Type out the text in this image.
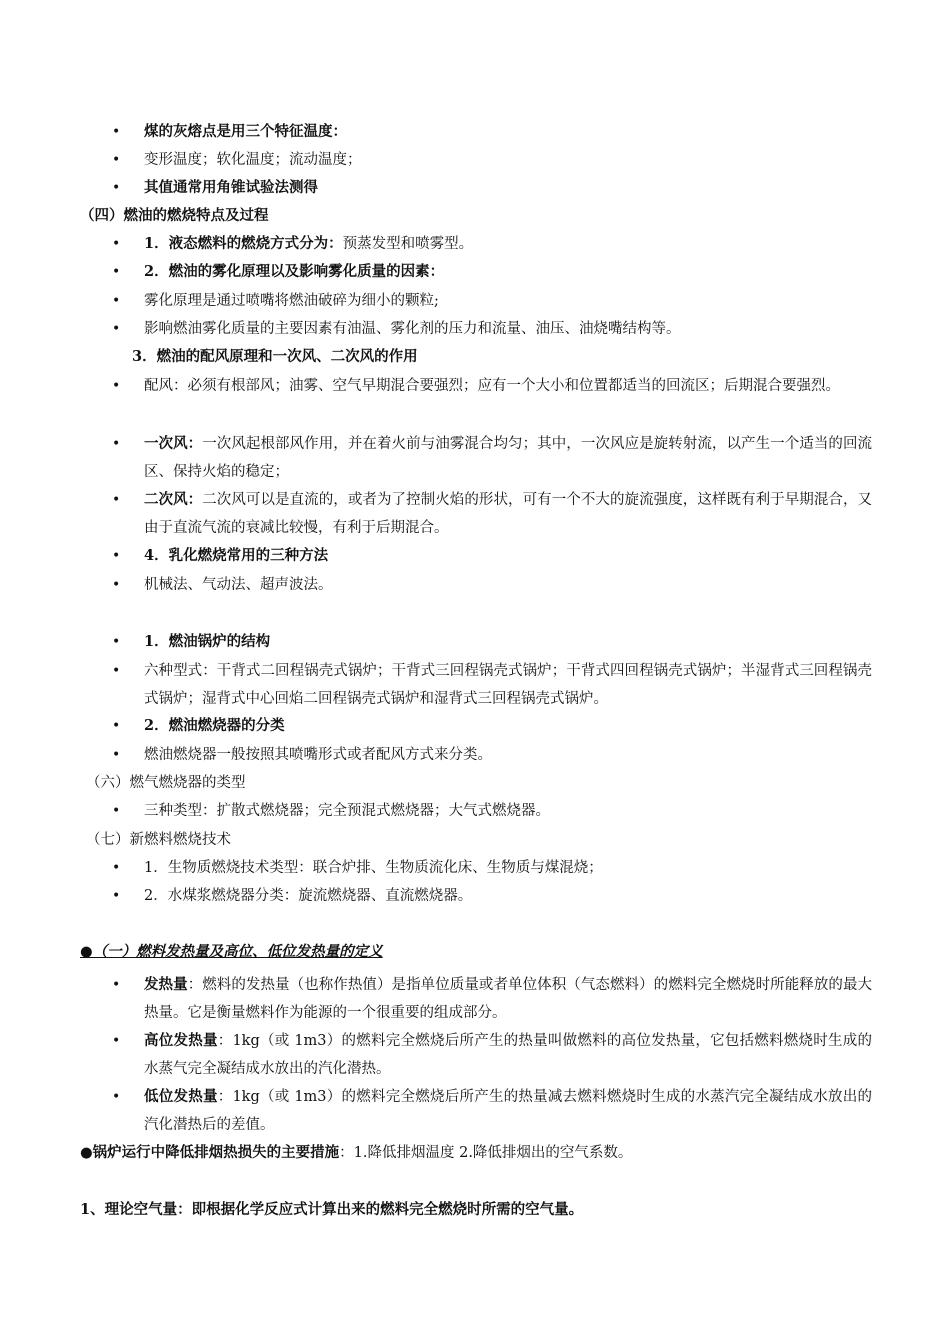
• 煤的灰熔点是用三个特征温度：
• 变形温度；软化温度；流动温度；
• 其值通常用角锥试验法测得
（四）燃油的燃烧特点及过程
• 1．液态燃料的燃烧方式分为：预蒸发型和喷雾型。
• 2．燃油的雾化原理以及影响雾化质量的因素：
• 雾化原理是通过喷嘴将燃油破碎为细小的颗粒;
• 影响燃油雾化质量的主要因素有油温、雾化剂的压力和流量、油压、油烧嘴结构等。
3．燃油的配风原理和一次风、二次风的作用
• 配风：必须有根部风；油雾、空气早期混合要强烈；应有一个大小和位置都适当的回流区；后期混合要强烈。
• 一次风：一次风起根部风作用，并在着火前与油雾混合均匀；其中，一次风应是旋转射流，以产生一个适当的回流区、保持火焰的稳定；
• 二次风：二次风可以是直流的，或者为了控制火焰的形状，可有一个不大的旋流强度，这样既有利于早期混合，又由于直流气流的衰减比较慢，有利于后期混合。
• 4．乳化燃烧常用的三种方法
• 机械法、气动法、超声波法。
• 1．燃油锅炉的结构
• 六种型式：干背式二回程锅壳式锅炉；干背式三回程锅壳式锅炉；干背式四回程锅壳式锅炉；半湿背式三回程锅壳式锅炉；湿背式中心回焰二回程锅壳式锅炉和湿背式三回程锅壳式锅炉。
• 2．燃油燃烧器的分类
• 燃油燃烧器一般按照其喷嘴形式或者配风方式来分类。
（六）燃气燃烧器的类型
• 三种类型：扩散式燃烧器；完全预混式燃烧器；大气式燃烧器。
（七）新燃料燃烧技术
• 1．生物质燃烧技术类型：联合炉排、生物质流化床、生物质与煤混烧；
• 2．水煤浆燃烧器分类：旋流燃烧器、直流燃烧器。
●（一）燃料发热量及高位、低位发热量的定义
• 发热量：燃料的发热量（也称作热值）是指单位质量或者单位体积（气态燃料）的燃料完全燃烧时所能释放的最大热量。它是衡量燃料作为能源的一个很重要的组成部分。
• 高位发热量：1kg（或 1m3）的燃料完全燃烧后所产生的热量叫做燃料的高位发热量，它包括燃料燃烧时生成的水蒸气完全凝结成水放出的汽化潜热。
• 低位发热量：1kg（或 1m3）的燃料完全燃烧后所产生的热量减去燃料燃烧时生成的水蒸汽完全凝结成水放出的汽化潜热后的差值。
●锅炉运行中降低排烟热损失的主要措施：1.降低排烟温度 2.降低排烟出的空气系数。
1、理论空气量：即根据化学反应式计算出来的燃料完全燃烧时所需的空气量。
